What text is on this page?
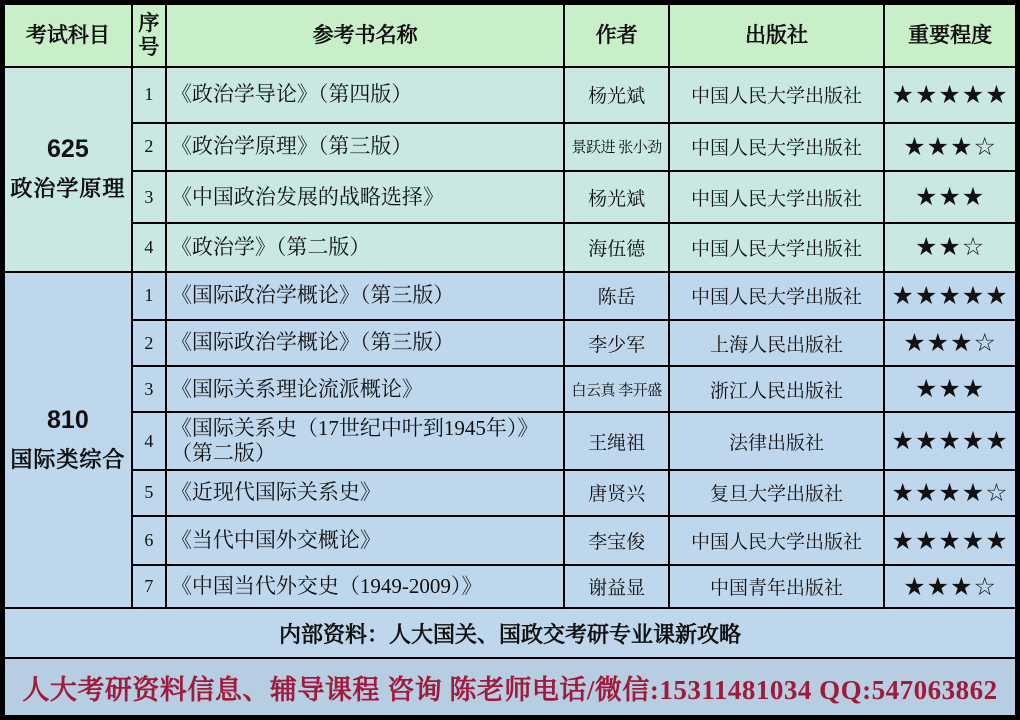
考试科目	序号	参考书名称	作者	出版社	重要程度

625
政治学原理	1	《政治学导论》（第四版）	杨光斌	中国人民大学出版社	★★★★★
	2	《政治学原理》（第三版）	景跃进 张小劲	中国人民大学出版社	★★★☆
	3	《中国政治发展的战略选择》	杨光斌	中国人民大学出版社	★★★
	4	《政治学》（第二版）	海伍德	中国人民大学出版社	★★☆

810
国际类综合	1	《国际政治学概论》（第三版）	陈岳	中国人民大学出版社	★★★★★
	2	《国际政治学概论》（第三版）	李少军	上海人民出版社	★★★☆
	3	《国际关系理论流派概论》	白云真 李开盛	浙江人民出版社	★★★
	4	《国际关系史（17世纪中叶到1945年）》（第二版）	王绳祖	法律出版社	★★★★★
	5	《近现代国际关系史》	唐贤兴	复旦大学出版社	★★★★☆
	6	《当代中国外交概论》	李宝俊	中国人民大学出版社	★★★★★
	7	《中国当代外交史（1949-2009）》	谢益显	中国青年出版社	★★★☆
内部资料：人大国关、国政交考研专业课新攻略					
人大考研资料信息、辅导课程 咨询 陈老师电话/微信:15311481034 QQ:547063862					
